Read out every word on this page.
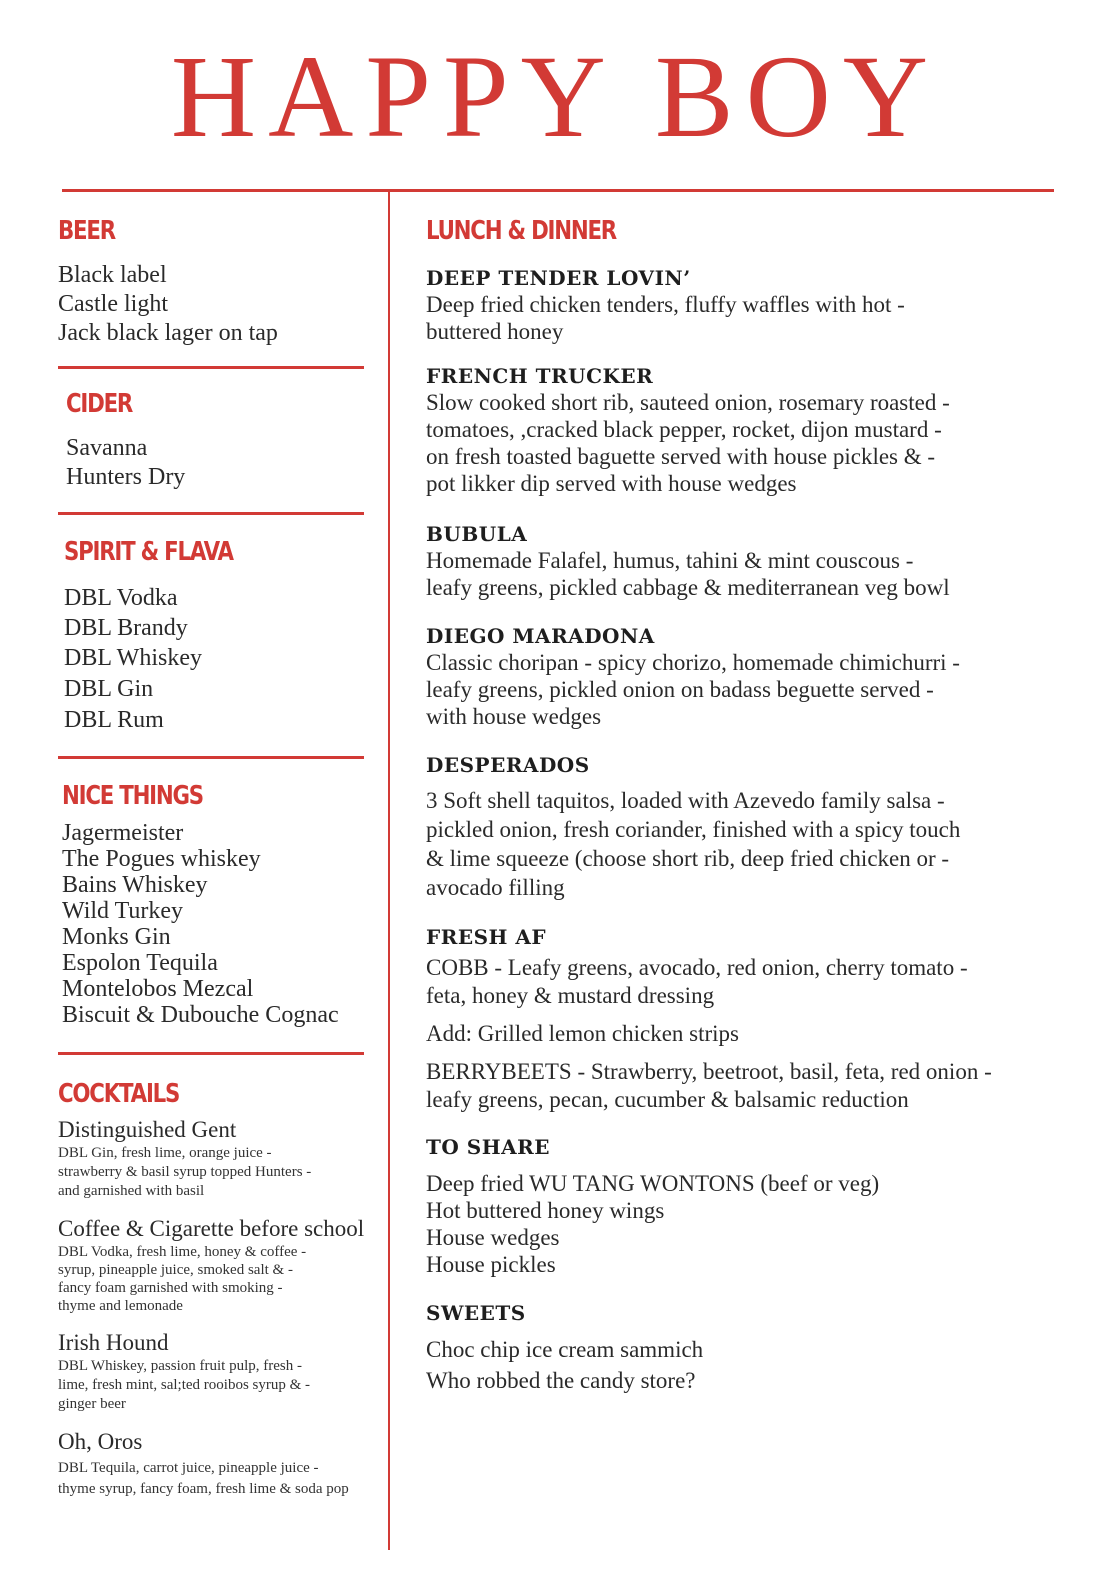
HAPPY BOY
BEER
Black label
Castle light
Jack black lager on tap
CIDER
Savanna
Hunters Dry
SPIRIT & FLAVA
DBL Vodka
DBL Brandy
DBL Whiskey
DBL Gin
DBL Rum
NICE THINGS
Jagermeister
The Pogues whiskey
Bains Whiskey
Wild Turkey
Monks Gin
Espolon Tequila
Montelobos Mezcal
Biscuit & Dubouche Cognac
COCKTAILS
Distinguished Gent
DBL Gin, fresh lime, orange juice -
strawberry & basil syrup topped Hunters -
and garnished with basil
Coffee & Cigarette before school
DBL Vodka, fresh lime, honey & coffee -
syrup, pineapple juice, smoked salt & -
fancy foam garnished with smoking -
thyme and lemonade
Irish Hound
DBL Whiskey, passion fruit pulp, fresh -
lime, fresh mint, sal;ted rooibos syrup & -
ginger beer
Oh, Oros
DBL Tequila, carrot juice, pineapple juice -
thyme syrup, fancy foam, fresh lime & soda pop
LUNCH & DINNER
DEEP TENDER LOVIN’
Deep fried chicken tenders, fluffy waffles with hot -
buttered honey
FRENCH TRUCKER
Slow cooked short rib, sauteed onion, rosemary roasted -
tomatoes, ,cracked black pepper, rocket, dijon mustard -
on fresh toasted baguette served with house pickles & -
pot likker dip served with house wedges
BUBULA
Homemade Falafel, humus, tahini & mint couscous -
leafy greens, pickled cabbage & mediterranean veg bowl
DIEGO MARADONA
Classic choripan - spicy chorizo, homemade chimichurri -
leafy greens, pickled onion on badass beguette served -
with house wedges
DESPERADOS
3 Soft shell taquitos, loaded with Azevedo family salsa -
pickled onion, fresh coriander, finished with a spicy touch
& lime squeeze (choose short rib, deep fried chicken or -
avocado filling
FRESH AF
COBB - Leafy greens, avocado, red onion, cherry tomato -
feta, honey & mustard dressing
Add: Grilled lemon chicken strips
BERRYBEETS - Strawberry, beetroot, basil, feta, red onion -
leafy greens, pecan, cucumber & balsamic reduction
TO SHARE
Deep fried WU TANG WONTONS (beef or veg)
Hot buttered honey wings
House wedges
House pickles
SWEETS
Choc chip ice cream sammich
Who robbed the candy store?
